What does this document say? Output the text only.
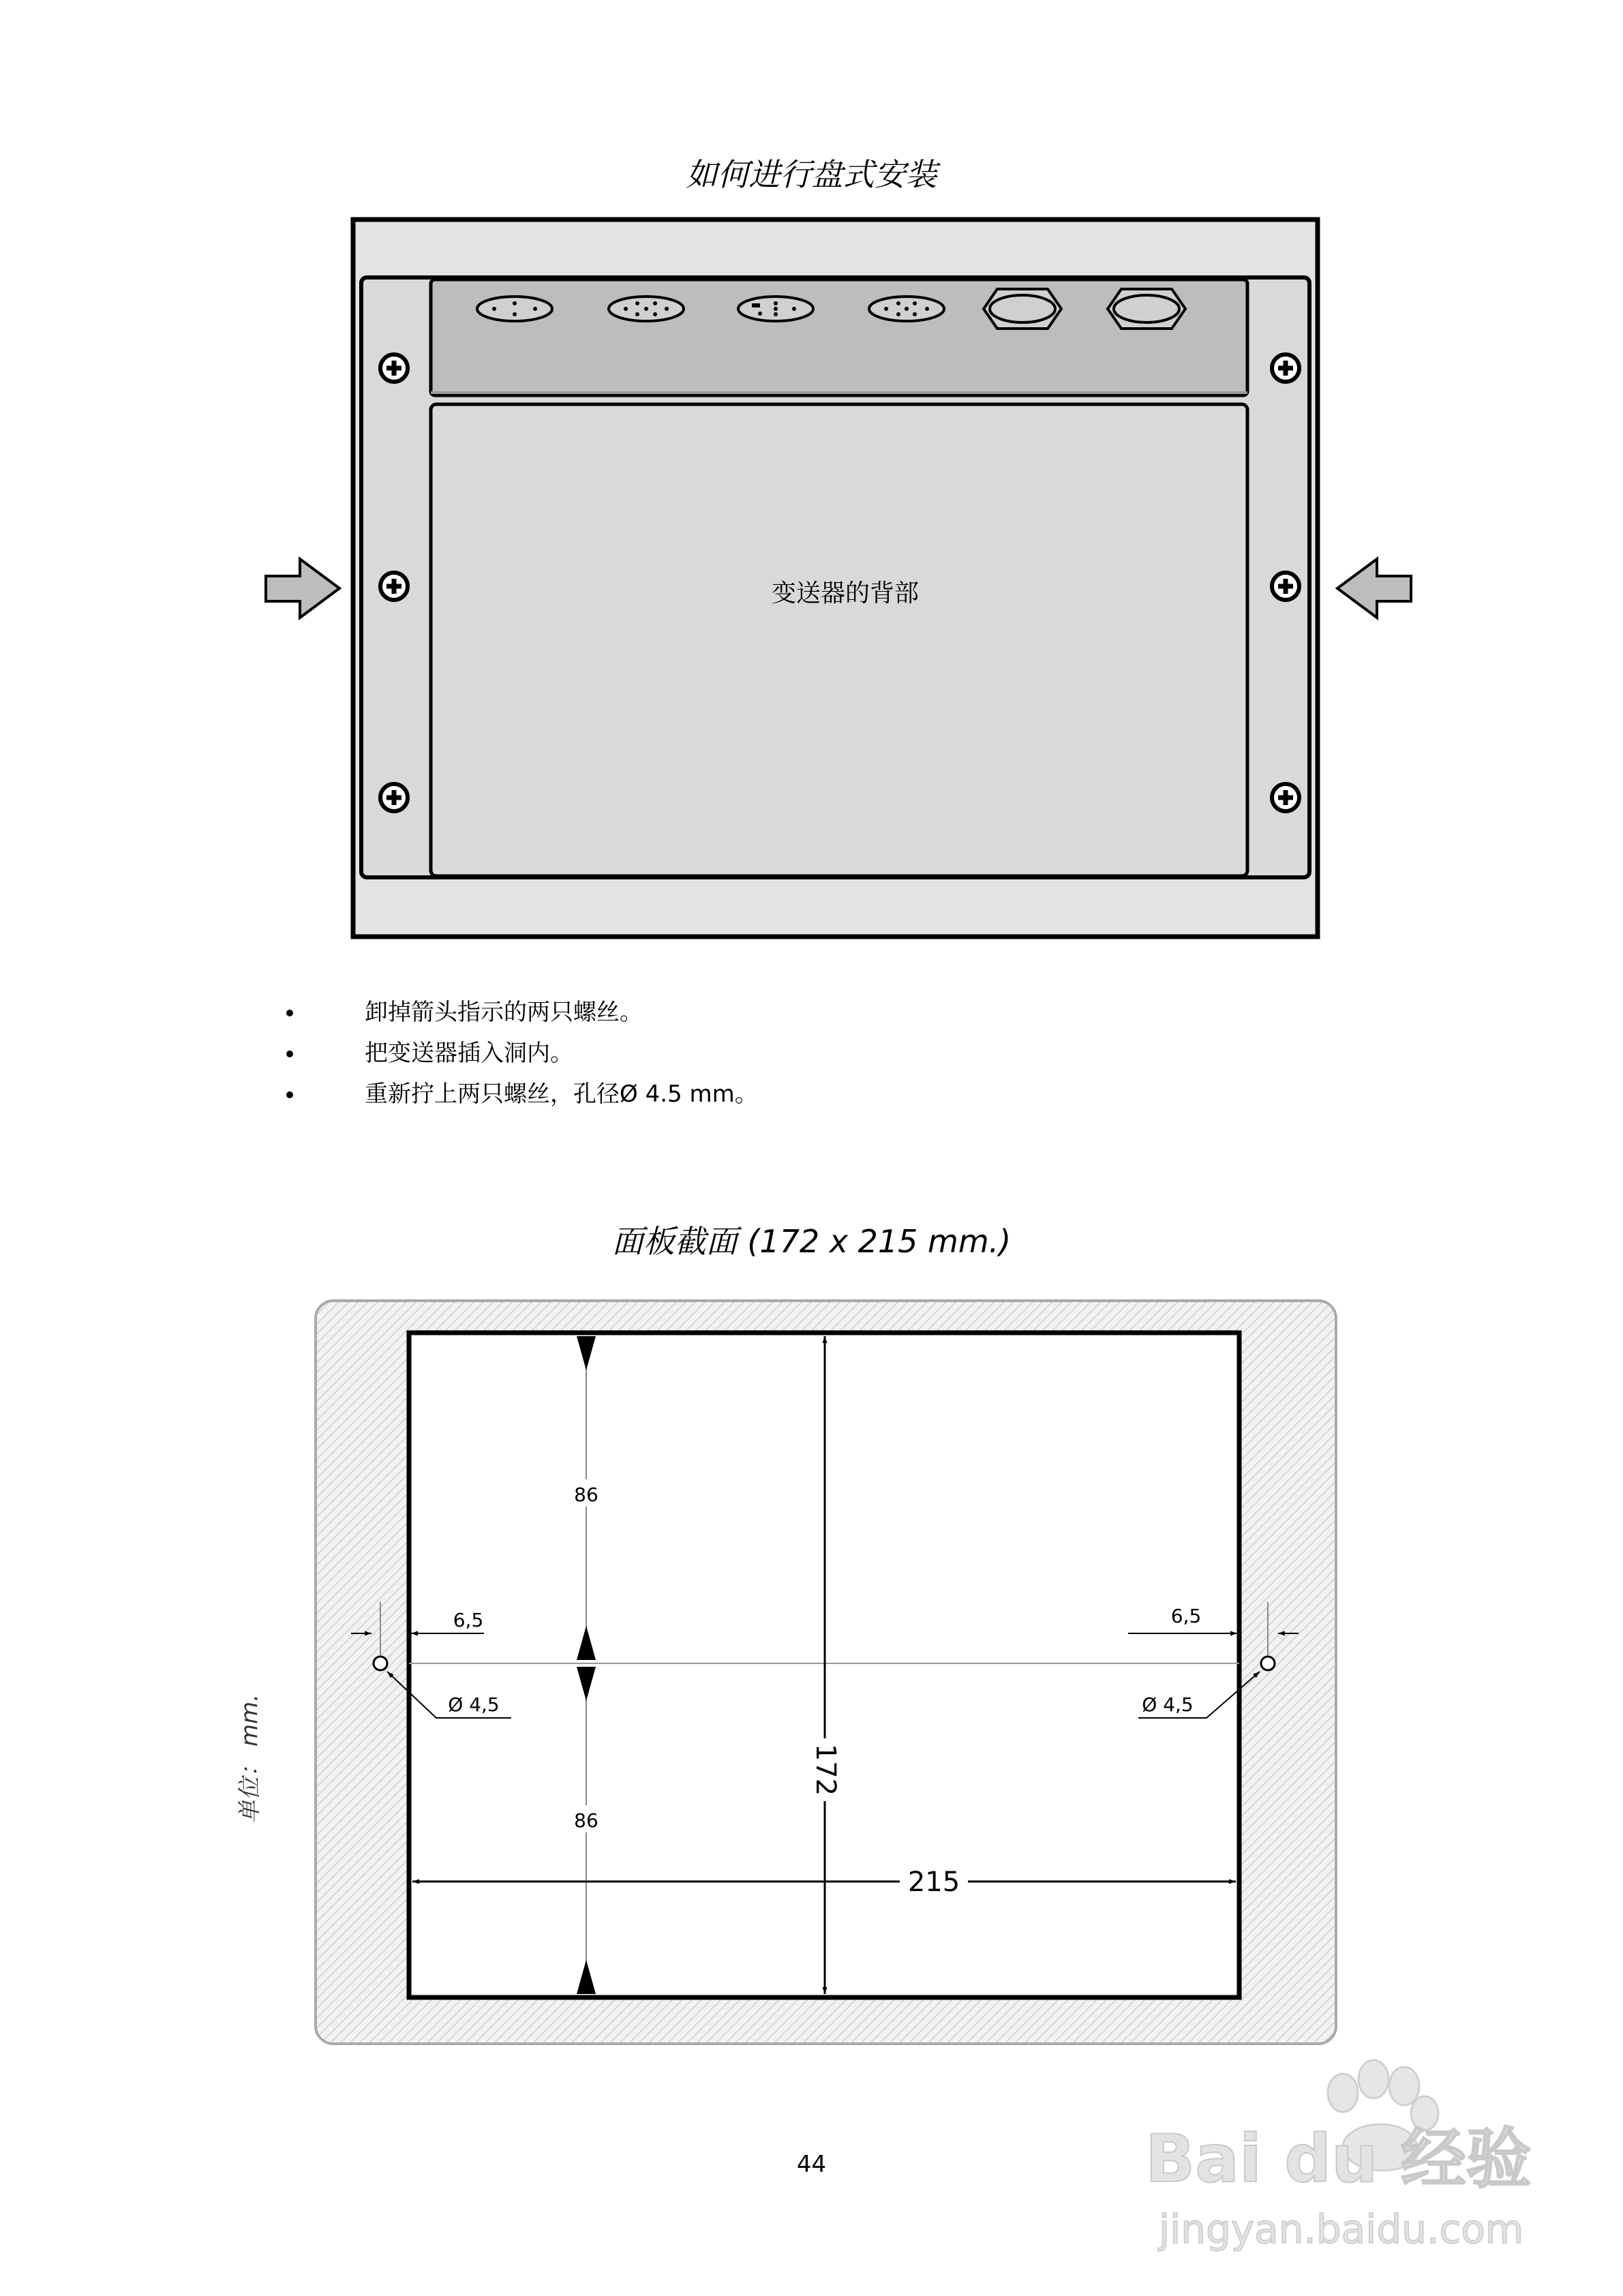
如何进行盘式安装
变送器的背部
卸掉箭头指示的两只螺丝。
把变送器插入洞内。
重新拧上两只螺丝，孔径Ø 4.5 mm。
面板截面 (172 x 215 mm.)
86
86
172
215
6,5	6,5
Ø 4,5	Ø 4,5
单位： mm.
44	Bai du 经验
jingyan.baidu.com
